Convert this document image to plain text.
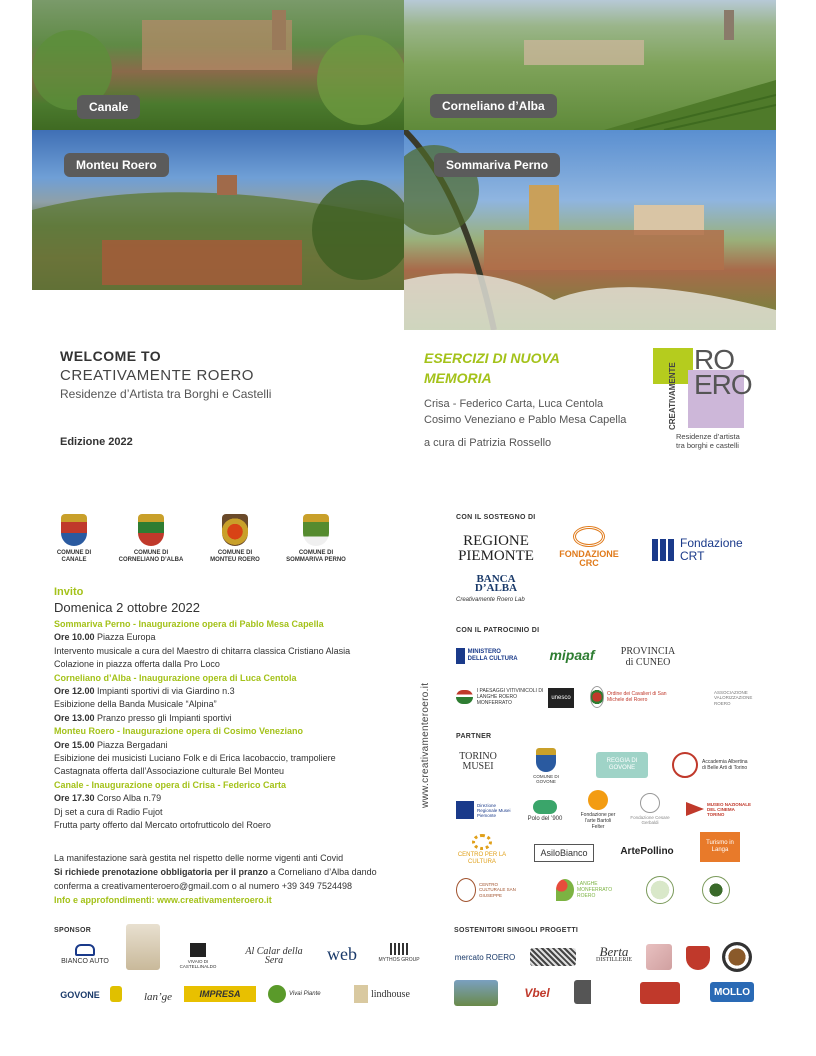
Canale	Corneliano d’Alba
Monteu Roero	Sommariva Perno
WELCOME TO
CREATIVAMENTE ROERO
Residenze d’Artista tra Borghi e Castelli
Edizione 2022
ESERCIZI DI NUOVA
MEMORIA
Crisa - Federico Carta, Luca Centola
Cosimo Veneziano e Pablo Mesa Capella
a cura di Patrizia Rossello
RO
ERO
CREATIVAMENTE
Residenze d’artista
tra borghi e castelli
COMUNE DI
CANALE
COMUNE DI
CORNELIANO D’ALBA
COMUNE DI
MONTEU ROERO
COMUNE DI
SOMMARIVA PERNO
Invito
Domenica 2 ottobre 2022

Sommariva Perno - Inaugurazione opera di Pablo Mesa Capella

Ore 10.00 Piazza Europa

Intervento musicale a cura del Maestro di chitarra classica Cristiano Alasia

Colazione in piazza offerta dalla Pro Loco

Corneliano d’Alba - Inaugurazione opera di Luca Centola

Ore 12.00 Impianti sportivi di via Giardino n.3

Esibizione della Banda Musicale “Alpina”

Ore 13.00 Pranzo presso gli Impianti sportivi

Monteu Roero - Inaugurazione opera di Cosimo Veneziano

Ore 15.00 Piazza Bergadani

Esibizione dei musicisti Luciano Folk e di Erica Iacobaccio, trampoliere

Castagnata offerta dall’Associazione culturale Bel Monteu

Canale - Inaugurazione opera di Crisa - Federico Carta

Ore 17.30 Corso Alba n.79

Dj set a cura di Radio Fujot

Frutta party offerto dal Mercato ortofrutticolo del Roero

La manifestazione sarà gestita nel rispetto delle norme vigenti anti Covid

Si richiede prenotazione obbligatoria per il pranzo a Corneliano d’Alba dando

conferma a creativamenteroero@gmail.com o al numero +39 349 7524498

Info e approfondimenti: www.creativamenteroero.it

www.creativamenteroero.it
CON IL SOSTEGNO DI
REGIONE
PIEMONTE	FONDAZIONE CRC
Fondazione
CRT
BANCA D’ALBA
Creativamente Roero Lab
CON IL PATROCINIO DI
MINISTERO DELLA CULTURA	mipaaf	PROVINCIA
di CUNEO
I PAESAGGI VITIVINICOLI DI LANGHE ROERO MONFERRATO
unesco
Ordine dei Cavalieri di San Michele del Roero
ASSOCIAZIONE VALORIZZAZIONE ROERO
PARTNER
TORINO MUSEI
COMUNE DI GOVONE
REGGIA DI GOVONE
Accademia Albertina di Belle Arti di Torino
Direzione Regionale Musei Piemonte
Polo del ’900
Fondazione per l’arte Bartoli Felter
Fondazione Cesare Gerbaldi
MUSEO NAZIONALE DEL CINEMA TORINO
CENTRO PER LA CULTURA
AsiloBianco	ArtePollino
Turismo in Langa
CENTRO CULTURALE SAN GIUSEPPE
LANGHE MONFERRATO ROERO
SPONSOR
BIANCO AUTO	VIVAIO DI CASTELLINALDO
Al Calar della Sera	web	MYTHOS GROUP
GOVONE	lan’ge	IMPRESA	Vivai Piante	lindhouse
SOSTENITORI SINGOLI PROGETTI
mercato ROERO	Berta
DISTILLERIE
Vbel	MOLLO
